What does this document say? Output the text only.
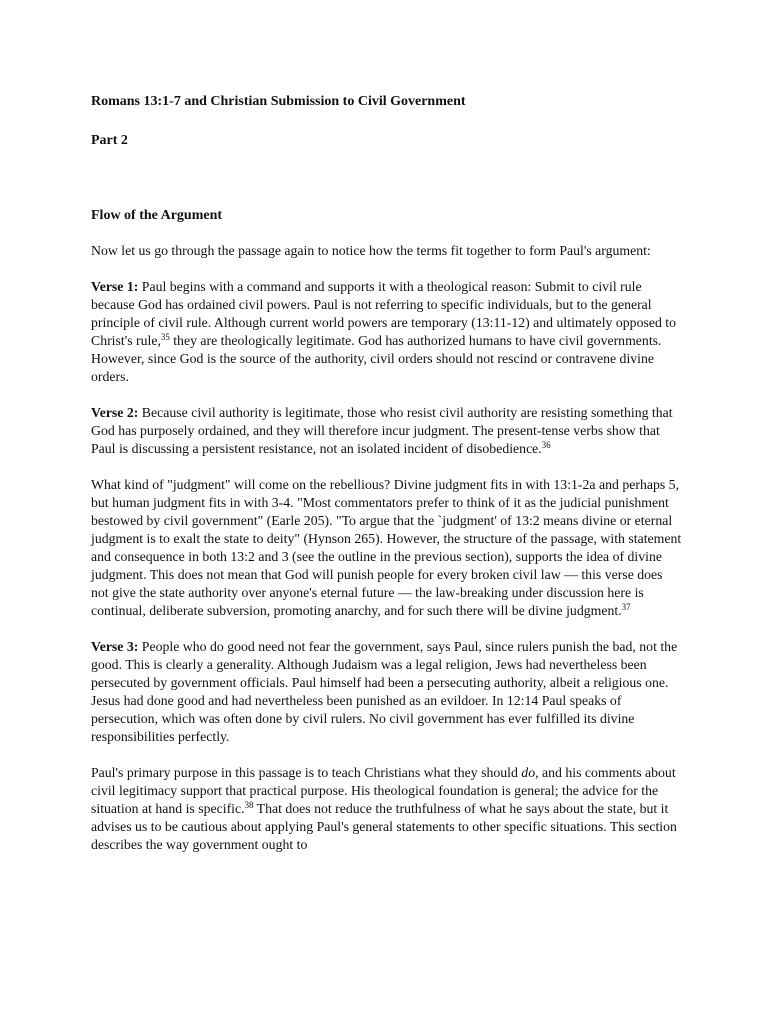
Romans 13:1-7 and Christian Submission to Civil Government

Part 2

Flow of the Argument

Now let us go through the passage again to notice how the terms fit together to form Paul's argument:

Verse 1: Paul begins with a command and supports it with a theological reason: Submit to civil rule because God has ordained civil powers. Paul is not referring to specific individuals, but to the general principle of civil rule. Although current world powers are temporary (13:11-12) and ultimately opposed to Christ's rule,$^{35}$ they are theologically legitimate. God has authorized humans to have civil governments. However, since God is the source of the authority, civil orders should not rescind or contravene divine orders.

Verse 2: Because civil authority is legitimate, those who resist civil authority are resisting something that God has purposely ordained, and they will therefore incur judgment. The present-tense verbs show that Paul is discussing a persistent resistance, not an isolated incident of disobedience.$^{36}$

What kind of "judgment" will come on the rebellious? Divine judgment fits in with 13:1-2a and perhaps 5, but human judgment fits in with 3-4. "Most commentators prefer to think of it as the judicial punishment bestowed by civil government" (Earle 205). "To argue that the `judgment' of 13:2 means divine or eternal judgment is to exalt the state to deity" (Hynson 265). However, the structure of the passage, with statement and consequence in both 13:2 and 3 (see the outline in the previous section), supports the idea of divine judgment. This does not mean that God will punish people for every broken civil law — this verse does not give the state authority over anyone's eternal future — the law-breaking under discussion here is continual, deliberate subversion, promoting anarchy, and for such there will be divine judgment.$^{37}$

Verse 3: People who do good need not fear the government, says Paul, since rulers punish the bad, not the good. This is clearly a generality. Although Judaism was a legal religion, Jews had nevertheless been persecuted by government officials. Paul himself had been a persecuting authority, albeit a religious one. Jesus had done good and had nevertheless been punished as an evildoer. In 12:14 Paul speaks of persecution, which was often done by civil rulers. No civil government has ever fulfilled its divine responsibilities perfectly.

Paul's primary purpose in this passage is to teach Christians what they should do, and his comments about civil legitimacy support that practical purpose. His theological foundation is general; the advice for the situation at hand is specific.$^{38}$ That does not reduce the truthfulness of what he says about the state, but it advises us to be cautious about applying Paul's general statements to other specific situations. This section describes the way government ought to
